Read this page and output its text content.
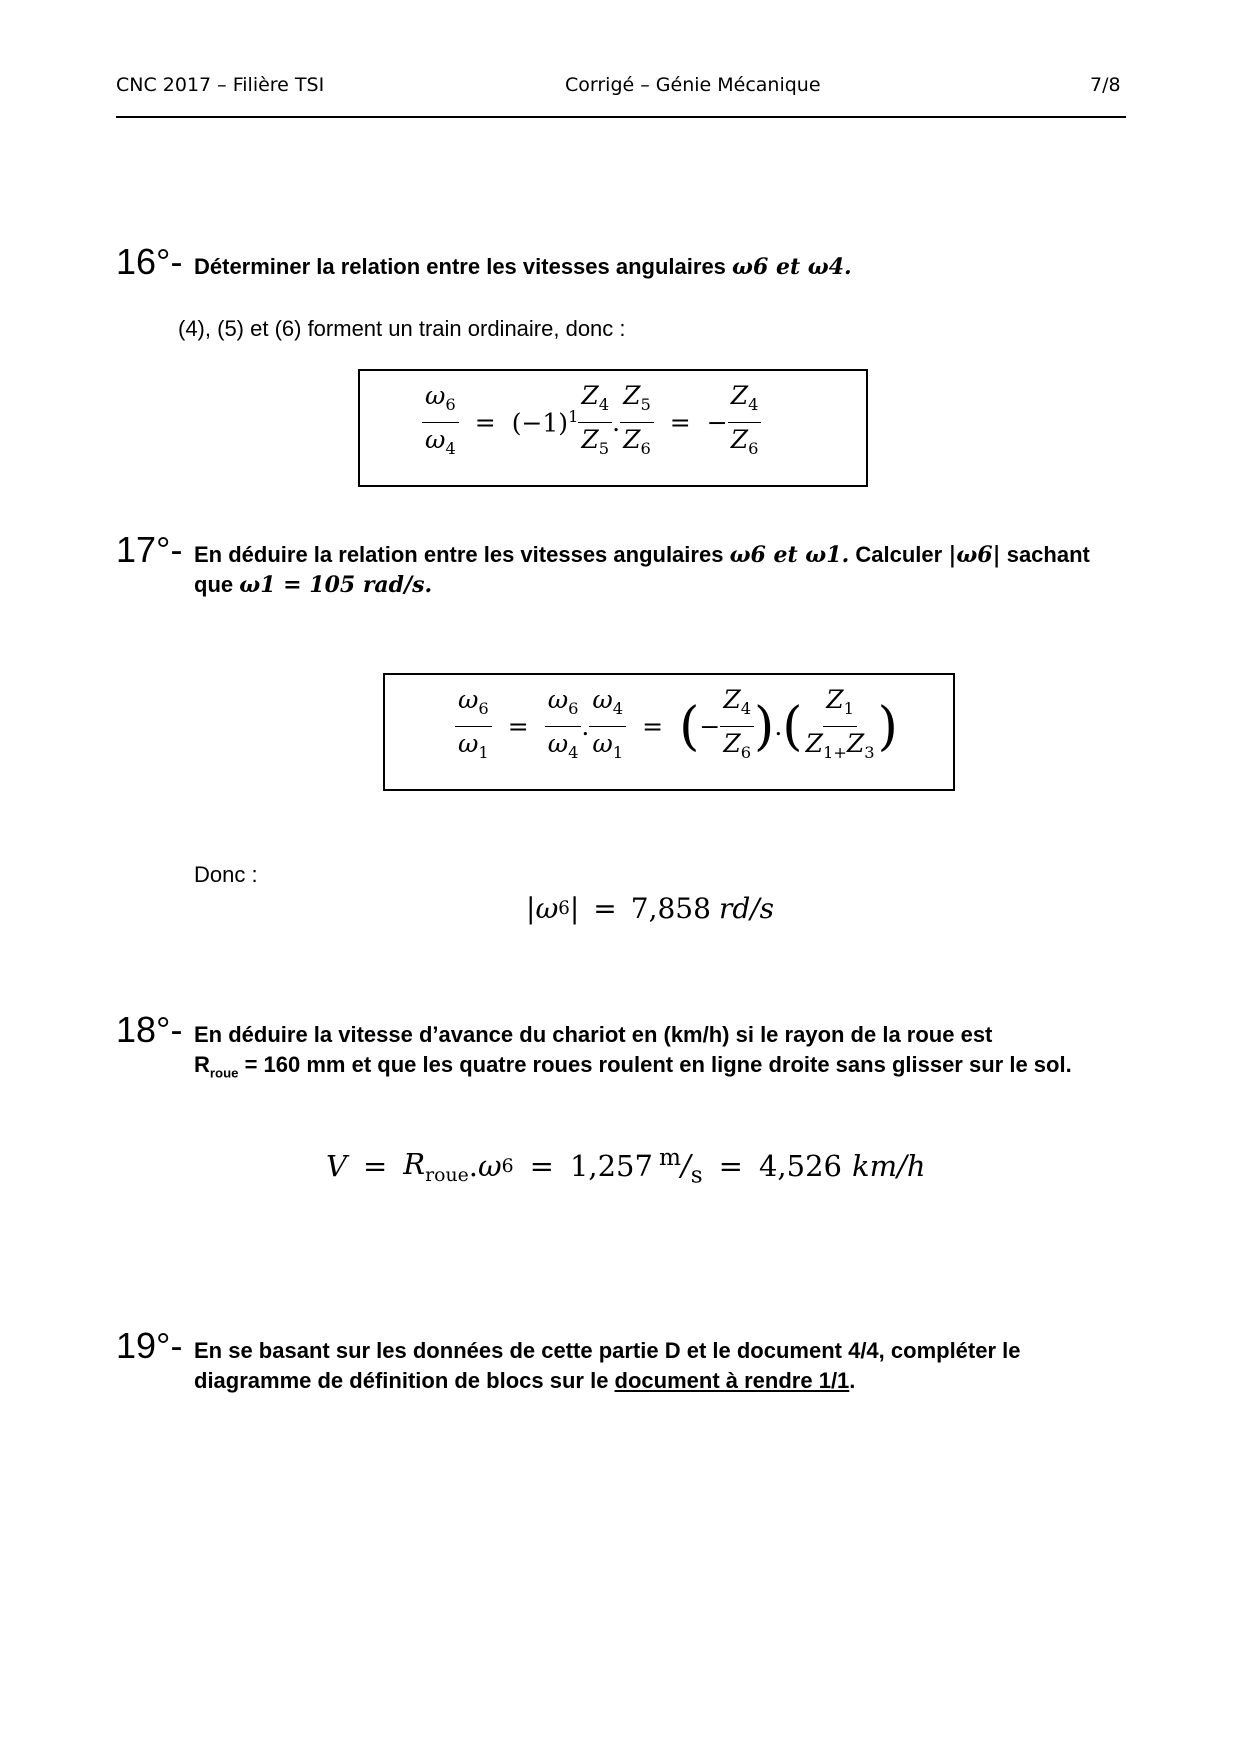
CNC 2017 – Filière TSI	Corrigé – Génie Mécanique	7/8
16°- Déterminer la relation entre les vitesses angulaires ω6 et ω4.
(4), (5) et (6) forment un train ordinaire, donc :
$\frac{\omega_6}{\omega_4} = (-1)^1 \frac{Z_4}{Z_5}$ . $\frac{Z_5}{Z_6}$ = − $\frac{Z_4}{Z_6}$
17°- En déduire la relation entre les vitesses angulaires ω6 et ω1. Calculer |ω6| sachant
que ω1 = 105 rad/s.
$\frac{\omega_6}{\omega_1} = \frac{\omega_6}{\omega_4}$ . $\frac{\omega_4}{\omega_1}$ = ( − $\frac{Z_4}{Z_6}$ ) . ( $\frac{Z_1}{Z_{1+}Z_3}$ )
Donc :
| ω 6 | = 7,858 rd/s
18°- En déduire la vitesse d’avance du chariot en (km/h) si le rayon de la roue est
$R_{roue} = 160$ mm et que les quatre roues roulent en ligne droite sans glisser sur le sol.
$V = R_{roue}$ . ω 6 = 1,257 $^m/_s = 4,526$ km/h
19°- En se basant sur les données de cette partie D et le document 4/4, compléter le
diagramme de définition de blocs sur le document à rendre 1/1.
